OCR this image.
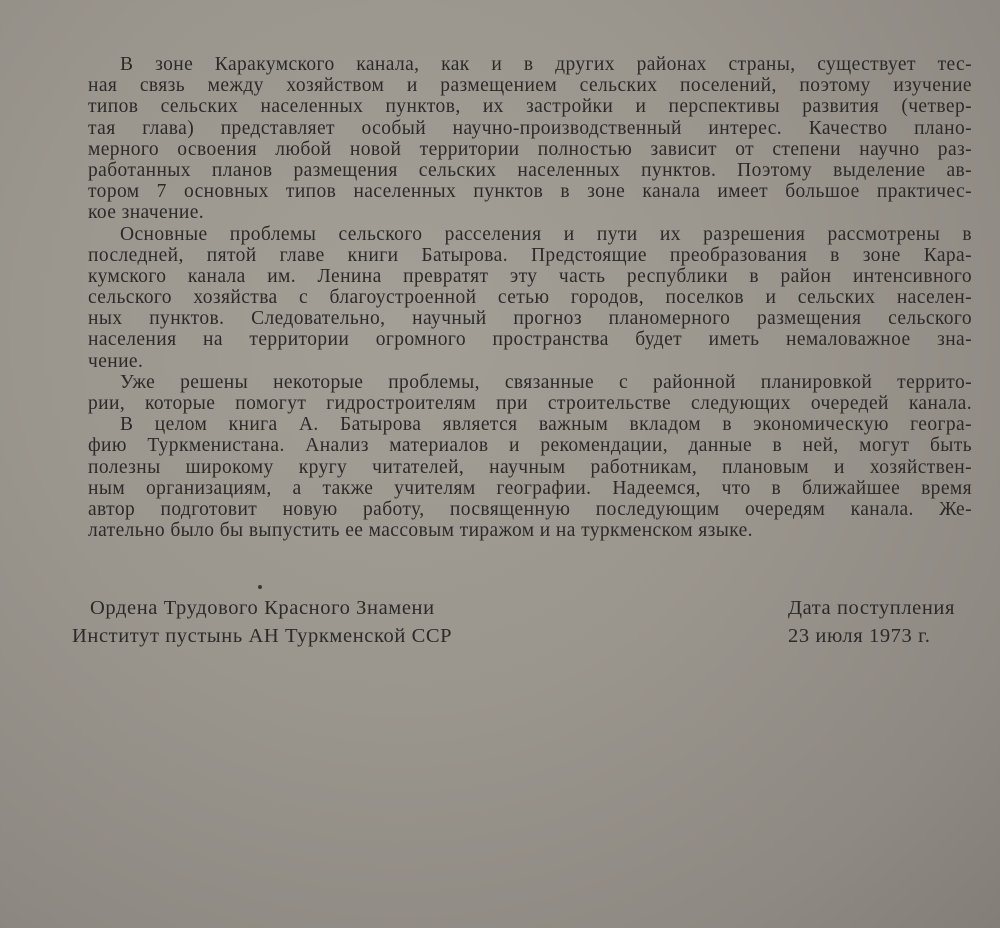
В зоне Каракумского канала, как и в других районах страны, существует тес-
ная связь между хозяйством и размещением сельских поселений, поэтому изучение
типов сельских населенных пунктов, их застройки и перспективы развития (четвер-
тая глава) представляет особый научно-производственный интерес. Качество плано-
мерного освоения любой новой территории полностью зависит от степени научно раз-
работанных планов размещения сельских населенных пунктов. Поэтому выделение ав-
тором 7 основных типов населенных пунктов в зоне канала имеет большое практичес-
кое значение.
Основные проблемы сельского расселения и пути их разрешения рассмотрены в
последней, пятой главе книги Батырова. Предстоящие преобразования в зоне Кара-
кумского канала им. Ленина превратят эту часть республики в район интенсивного
сельского хозяйства с благоустроенной сетью городов, поселков и сельских населен-
ных пунктов. Следовательно, научный прогноз планомерного размещения сельского
населения на территории огромного пространства будет иметь немаловажное зна-
чение.
Уже решены некоторые проблемы, связанные с районной планировкой террито-
рии, которые помогут гидростроителям при строительстве следующих очередей канала.
В целом книга А. Батырова является важным вкладом в экономическую геогра-
фию Туркменистана. Анализ материалов и рекомендации, данные в ней, могут быть
полезны широкому кругу читателей, научным работникам, плановым и хозяйствен-
ным организациям, а также учителям географии. Надеемся, что в ближайшее время
автор подготовит новую работу, посвященную последующим очередям канала. Же-
лательно было бы выпустить ее массовым тиражом и на туркменском языке.
Ордена Трудового Красного Знамени
Институт пустынь АН Туркменской ССР
Дата поступления
23 июля 1973 г.
